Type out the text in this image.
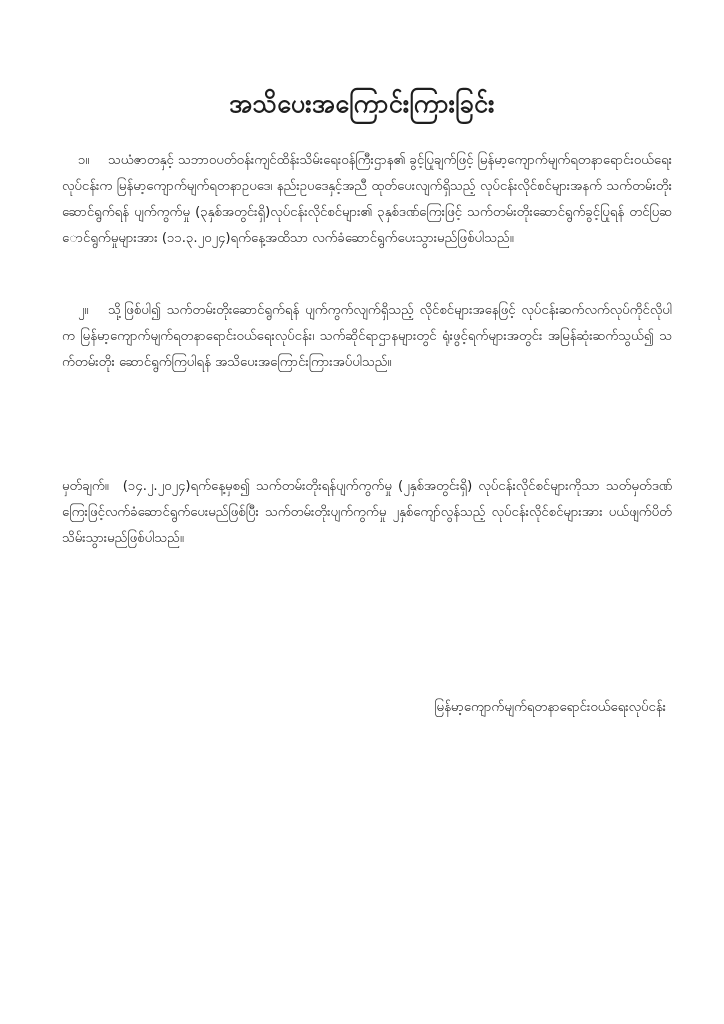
အသိပေးအကြောင်းကြားခြင်း
၁။ သယံဇာတနှင့် သဘာဝပတ်ဝန်းကျင်ထိန်းသိမ်းရေးဝန်ကြီးဌာန၏ ခွင့်ပြုချက်ဖြင့် မြန်မာ့ကျောက်မျက်ရတနာရောင်းဝယ်ရေးလုပ်ငန်းက မြန်မာ့ကျောက်မျက်ရတနာဥပဒေ၊ နည်းဥပဒေနှင့်အညီ ထုတ်ပေးလျက်ရှိသည့် လုပ်ငန်းလိုင်စင်များအနက် သက်တမ်းတိုးဆောင်ရွက်ရန် ပျက်ကွက်မှု (၃နှစ်အတွင်းရှိ)လုပ်ငန်းလိုင်စင်များ၏ ၃နှစ်ဒဏ်ကြေးဖြင့် သက်တမ်းတိုးဆောင်ရွက်ခွင့်ပြုရန် တင်ပြဆောင်ရွက်မှုများအား (၁၁.၃.၂၀၂၄)ရက်နေ့အထိသာ လက်ခံဆောင်ရွက်ပေးသွားမည်ဖြစ်ပါသည်။
၂။ သို့ဖြစ်ပါ၍ သက်တမ်းတိုးဆောင်ရွက်ရန် ပျက်ကွက်လျက်ရှိသည့် လိုင်စင်များအနေဖြင့် လုပ်ငန်းဆက်လက်လုပ်ကိုင်လိုပါက မြန်မာ့ကျောက်မျက်ရတနာရောင်းဝယ်ရေးလုပ်ငန်း၊ သက်ဆိုင်ရာဌာနများတွင် ရုံးဖွင့်ရက်များအတွင်း အမြန်ဆုံးဆက်သွယ်၍ သက်တမ်းတိုး ဆောင်ရွက်ကြပါရန် အသိပေးအကြောင်းကြားအပ်ပါသည်။
မှတ်ချက်။ (၁၄.၂.၂၀၂၄)ရက်နေ့မှစ၍ သက်တမ်းတိုးရန်ပျက်ကွက်မှု (၂နှစ်အတွင်းရှိ) လုပ်ငန်းလိုင်စင်များကိုသာ သတ်မှတ်ဒဏ်ကြေးဖြင့်လက်ခံဆောင်ရွက်ပေးမည်ဖြစ်ပြီး သက်တမ်းတိုးပျက်ကွက်မှု ၂နှစ်ကျော်လွန်သည့် လုပ်ငန်းလိုင်စင်များအား ပယ်ဖျက်ပိတ်သိမ်းသွားမည်ဖြစ်ပါသည်။
မြန်မာ့ကျောက်မျက်ရတနာရောင်းဝယ်ရေးလုပ်ငန်း
